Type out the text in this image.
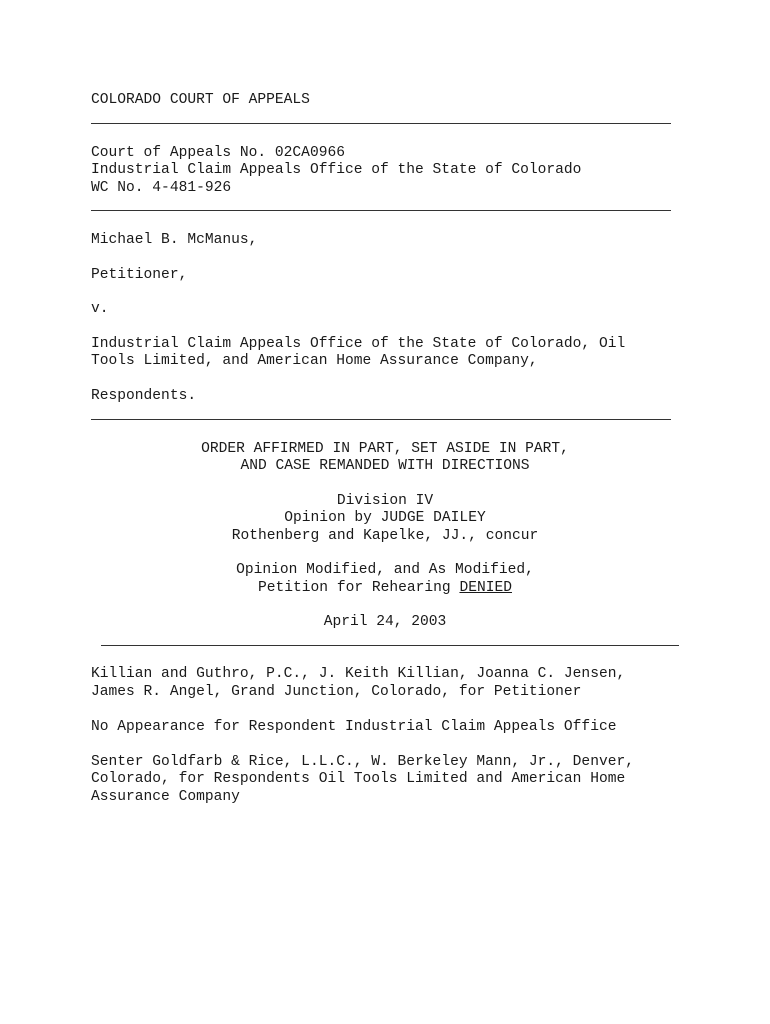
COLORADO COURT OF APPEALS
Court of Appeals No. 02CA0966
Industrial Claim Appeals Office of the State of Colorado
WC No. 4-481-926
Michael B. McManus,
Petitioner,
v.
Industrial Claim Appeals Office of the State of Colorado, Oil
Tools Limited, and American Home Assurance Company,
Respondents.
ORDER AFFIRMED IN PART, SET ASIDE IN PART,
AND CASE REMANDED WITH DIRECTIONS
Division IV
Opinion by JUDGE DAILEY
Rothenberg and Kapelke, JJ., concur
Opinion Modified, and As Modified,
Petition for Rehearing DENIED
April 24, 2003
Killian and Guthro, P.C., J. Keith Killian, Joanna C. Jensen,
James R. Angel, Grand Junction, Colorado, for Petitioner
No Appearance for Respondent Industrial Claim Appeals Office
Senter Goldfarb & Rice, L.L.C., W. Berkeley Mann, Jr., Denver,
Colorado, for Respondents Oil Tools Limited and American Home
Assurance Company
